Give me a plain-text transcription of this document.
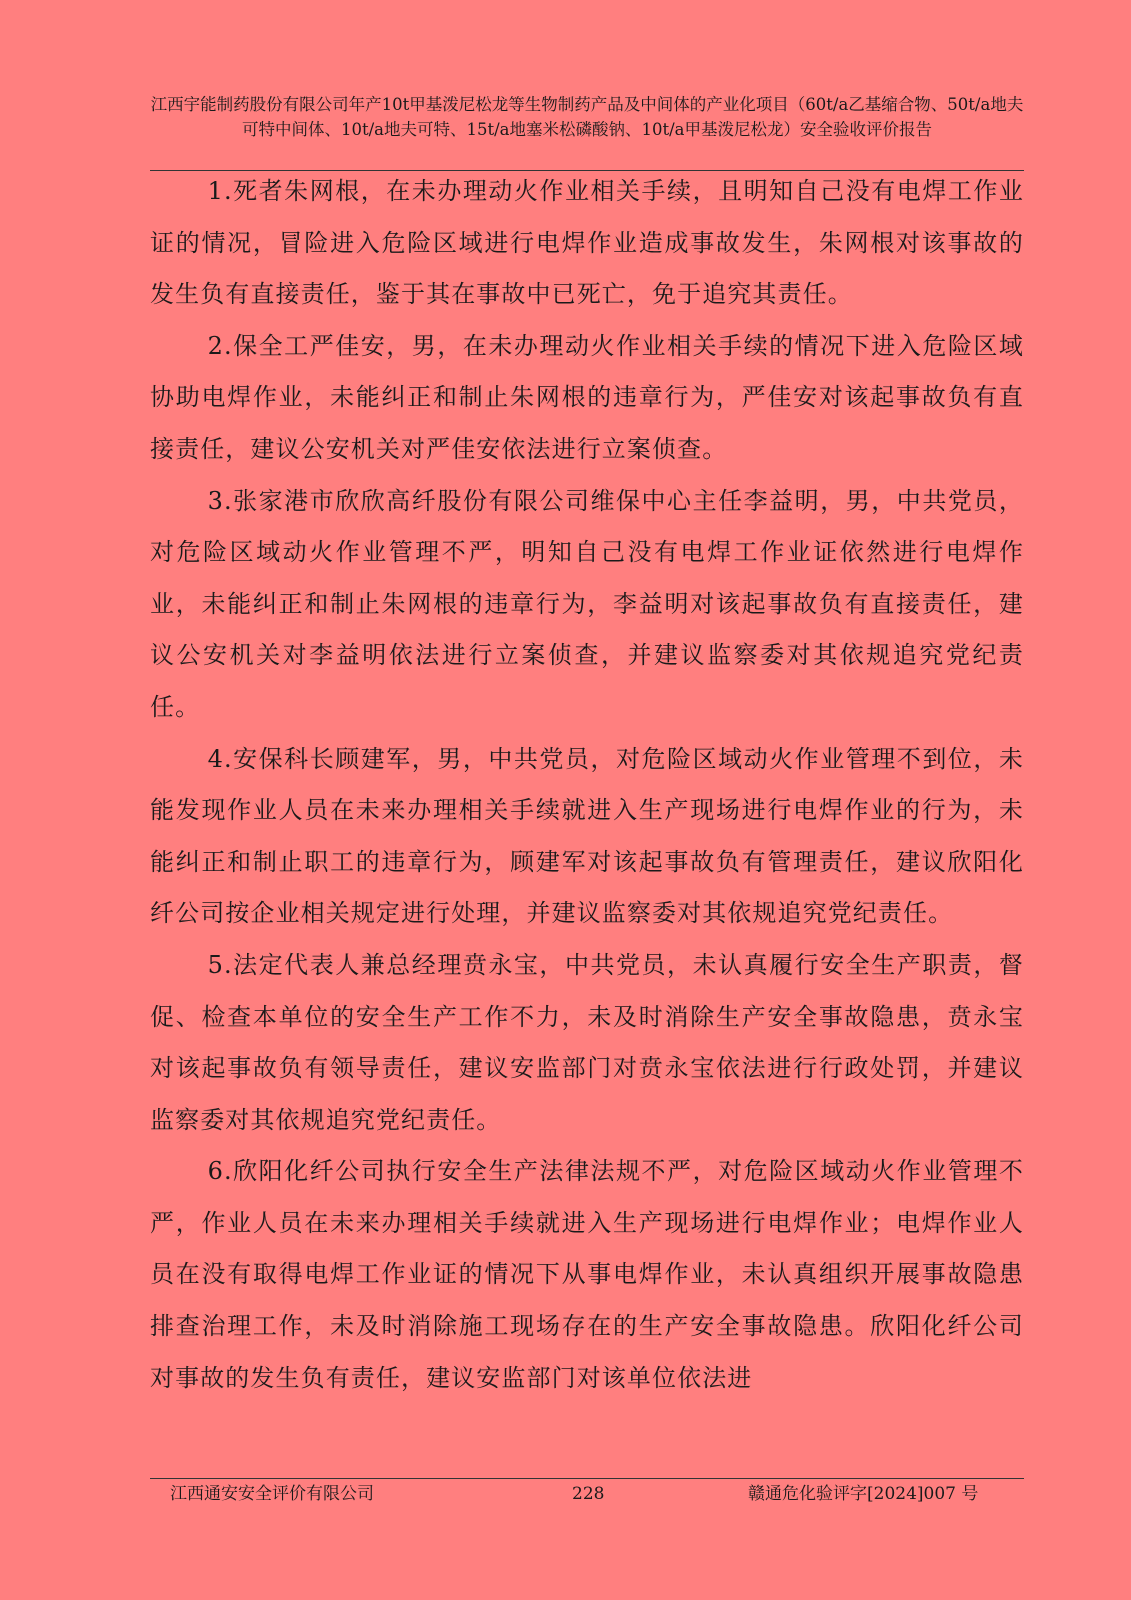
江西宇能制药股份有限公司年产10t甲基泼尼松龙等生物制药产品及中间体的产业化项目（60t/a乙基缩合物、50t/a地夫可特中间体、10t/a地夫可特、15t/a地塞米松磷酸钠、10t/a甲基泼尼松龙）安全验收评价报告

1.死者朱网根，在未办理动火作业相关手续，且明知自己没有电焊工作业证的情况，冒险进入危险区域进行电焊作业造成事故发生，朱网根对该事故的发生负有直接责任，鉴于其在事故中已死亡，免于追究其责任。

2.保全工严佳安，男，在未办理动火作业相关手续的情况下进入危险区域协助电焊作业，未能纠正和制止朱网根的违章行为，严佳安对该起事故负有直 接责任，建议公安机关对严佳安依法进行立案侦查。

3.张家港市欣欣高纤股份有限公司维保中心主任李益明，男，中共党员，对危险区域动火作业管理不严，明知自己没有电焊工作业证依然进行电焊作业，未能纠正和制止朱网根的违章行为，李益明对该起事故负有直接责任，建议公安机关对李益明依法进行立案侦查，并建议监察委对其依规追究党纪责任。

4.安保科长顾建军，男，中共党员，对危险区域动火作业管理不到位，未能发现作业人员在未来办理相关手续就进入生产现场进行电焊作业的行为，未能纠正和制止职工的违章行为，顾建军对该起事故负有管理责任，建议欣阳化纤公司按企业相关规定进行处理，并建议监察委对其依规追究党纪责任。

5.法定代表人兼总经理贲永宝，中共党员，未认真履行安全生产职责，督促、检查本单位的安全生产工作不力，未及时消除生产安全事故隐患，贲永宝对该起事故负有领导责任，建议安监部门对贲永宝依法进行行政处罚，并建议监察委对其依规追究党纪责任。

6.欣阳化纤公司执行安全生产法律法规不严，对危险区域动火作业管理不严，作业人员在未来办理相关手续就进入生产现场进行电焊作业；电焊作业人员在没有取得电焊工作业证的情况下从事电焊作业，未认真组织开展事故隐患排查治理工作，未及时消除施工现场存在的生产安全事故隐患。欣阳化纤公司对事故的发生负有责任，建议安监部门对该单位依法进

江西通安安全评价有限公司	228	赣通危化验评字[2024]007 号
